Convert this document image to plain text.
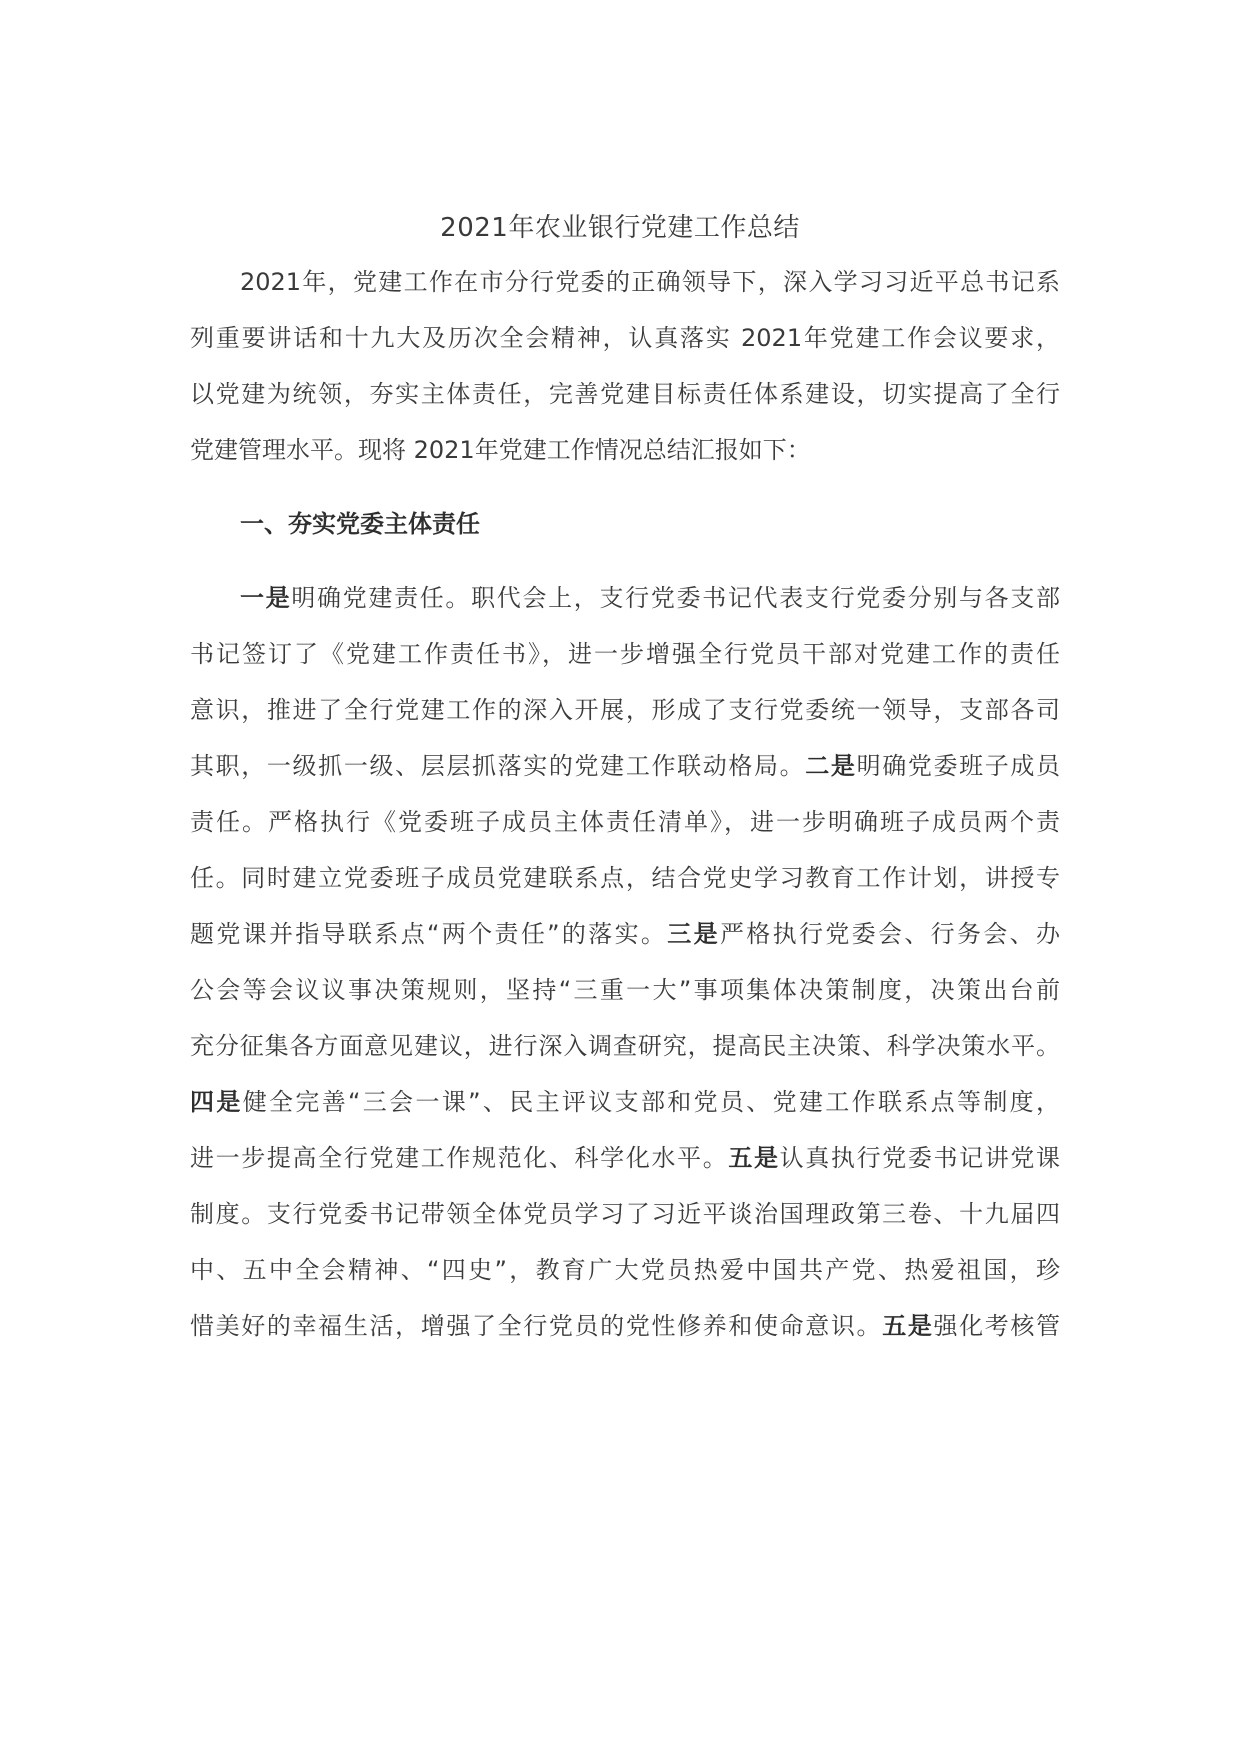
2021年农业银行党建工作总结
2021年，党建工作在市分行党委的正确领导下，深入学习习近平总书记系
列重要讲话和十九大及历次全会精神，认真落实 2021年党建工作会议要求，
以党建为统领，夯实主体责任，完善党建目标责任体系建设，切实提高了全行
党建管理水平。现将 2021年党建工作情况总结汇报如下：
一、夯实党委主体责任
一是明确党建责任。职代会上，支行党委书记代表支行党委分别与各支部
书记签订了《党建工作责任书》，进一步增强全行党员干部对党建工作的责任
意识，推进了全行党建工作的深入开展，形成了支行党委统一领导，支部各司
其职，一级抓一级、层层抓落实的党建工作联动格局。二是明确党委班子成员
责任。严格执行《党委班子成员主体责任清单》，进一步明确班子成员两个责
任。同时建立党委班子成员党建联系点，结合党史学习教育工作计划，讲授专
题党课并指导联系点“两个责任”的落实。三是严格执行党委会、行务会、办
公会等会议议事决策规则，坚持“三重一大”事项集体决策制度，决策出台前
充分征集各方面意见建议，进行深入调查研究，提高民主决策、科学决策水平。
四是健全完善“三会一课”、民主评议支部和党员、党建工作联系点等制度，
进一步提高全行党建工作规范化、科学化水平。五是认真执行党委书记讲党课
制度。支行党委书记带领全体党员学习了习近平谈治国理政第三卷、十九届四
中、五中全会精神、“四史”，教育广大党员热爱中国共产党、热爱祖国，珍
惜美好的幸福生活，增强了全行党员的党性修养和使命意识。五是强化考核管
